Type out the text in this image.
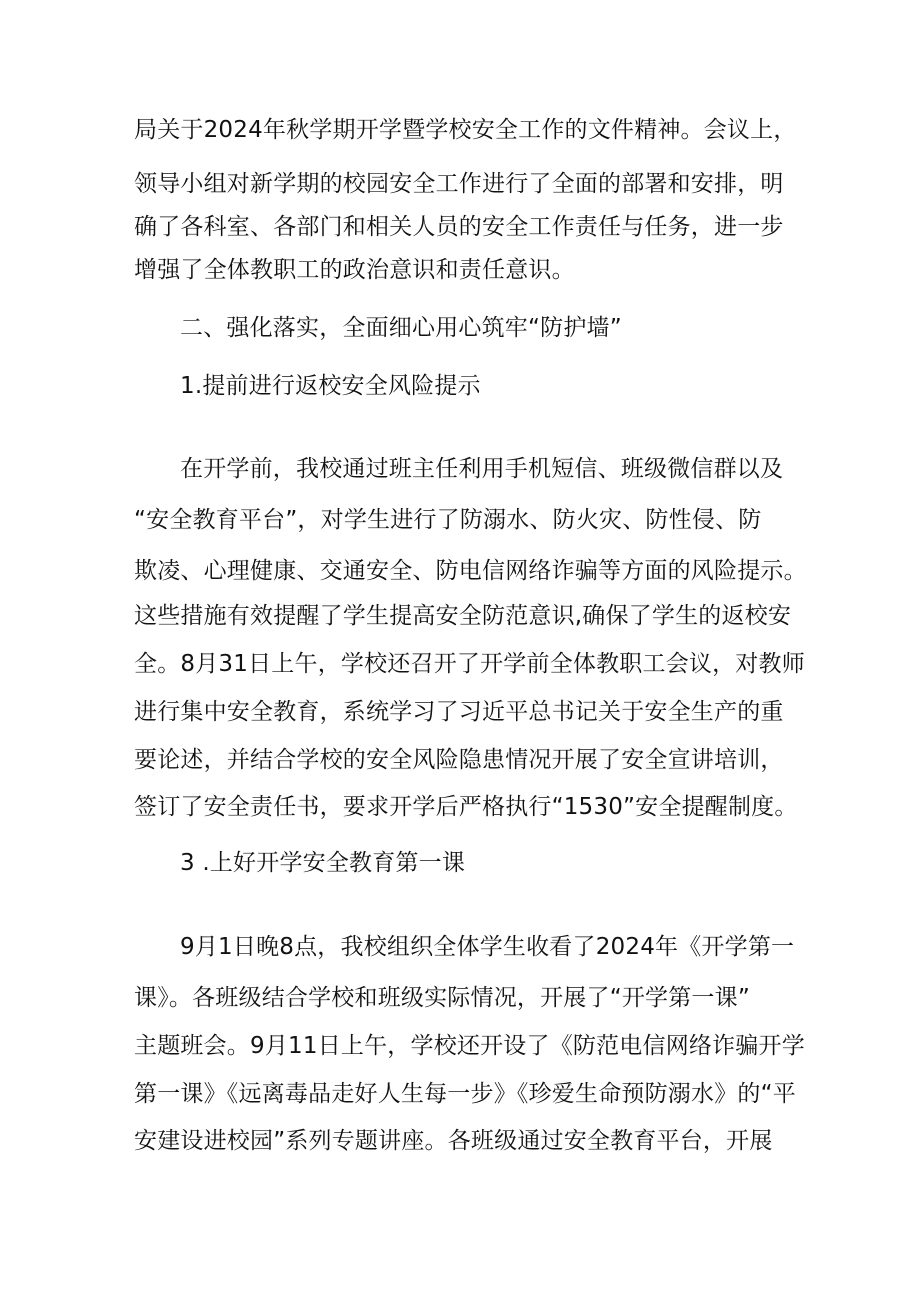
局关于2024年秋学期开学暨学校安全工作的文件精神。会议上，
领导小组对新学期的校园安全工作进行了全面的部署和安排，明
确了各科室、各部门和相关人员的安全工作责任与任务，进一步
增强了全体教职工的政治意识和责任意识。
二、强化落实，全面细心用心筑牢“防护墙”
1.提前进行返校安全风险提示
在开学前，我校通过班主任利用手机短信、班级微信群以及
“安全教育平台”，对学生进行了防溺水、防火灾、防性侵、防
欺凌、心理健康、交通安全、防电信网络诈骗等方面的风险提示。
这些措施有效提醒了学生提高安全防范意识,确保了学生的返校安
全。8月31日上午，学校还召开了开学前全体教职工会议，对教师
进行集中安全教育，系统学习了习近平总书记关于安全生产的重
要论述，并结合学校的安全风险隐患情况开展了安全宣讲培训，
签订了安全责任书，要求开学后严格执行“1530”安全提醒制度。
3 .上好开学安全教育第一课
9月1日晚8点，我校组织全体学生收看了2024年《开学第一
课》。各班级结合学校和班级实际情况，开展了“开学第一课”
主题班会。9月11日上午，学校还开设了《防范电信网络诈骗开学
第一课》《远离毒品走好人生每一步》《珍爱生命预防溺水》的“平
安建设进校园”系列专题讲座。各班级通过安全教育平台，开展
